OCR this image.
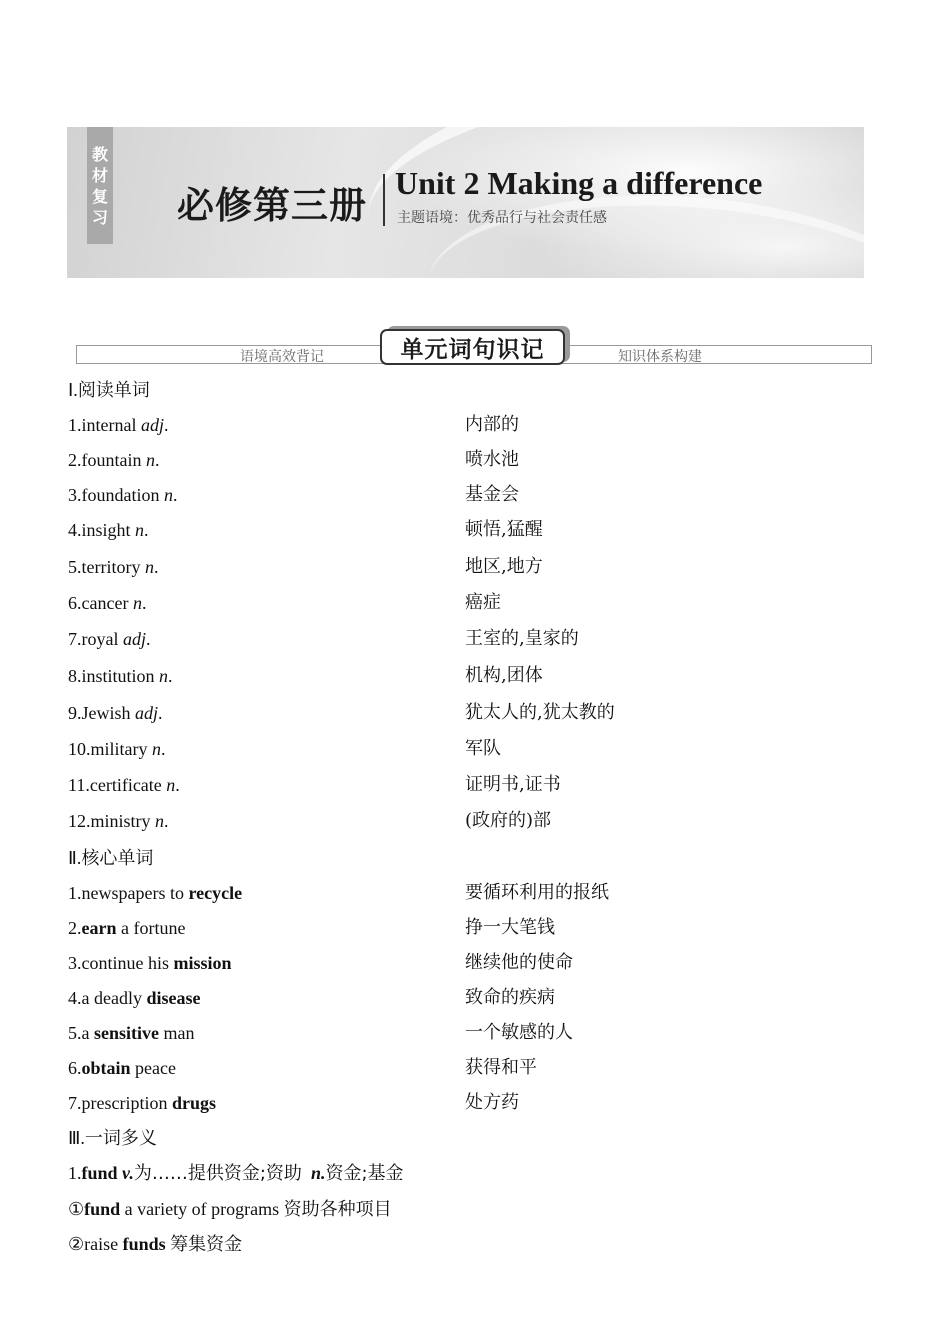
教
材
复
习 必修第三册
Unit 2 Making a difference
主题语境：优秀品行与社会责任感
语境高效背记	知识体系构建
单元词句识记
Ⅰ.阅读单词
1.internal adj.	内部的
2.fountain n.	喷水池
3.foundation n.	基金会
4.insight n.	顿悟,猛醒
5.territory n.	地区,地方
6.cancer n.	癌症
7.royal adj.	王室的,皇家的
8.institution n.	机构,团体
9.Jewish adj.	犹太人的,犹太教的
10.military n.	军队
11.certificate n.	证明书,证书
12.ministry n.	(政府的)部
Ⅱ.核心单词
1.newspapers to recycle	要循环利用的报纸
2.earn a fortune	挣一大笔钱
3.continue his mission	继续他的使命
4.a deadly disease	致命的疾病
5.a sensitive man	一个敏感的人
6.obtain peace	获得和平
7.prescription drugs	处方药
Ⅲ.一词多义
1.fund v.为……提供资金;资助 n.资金;基金
①fund a variety of programs 资助各种项目
②raise funds 筹集资金
